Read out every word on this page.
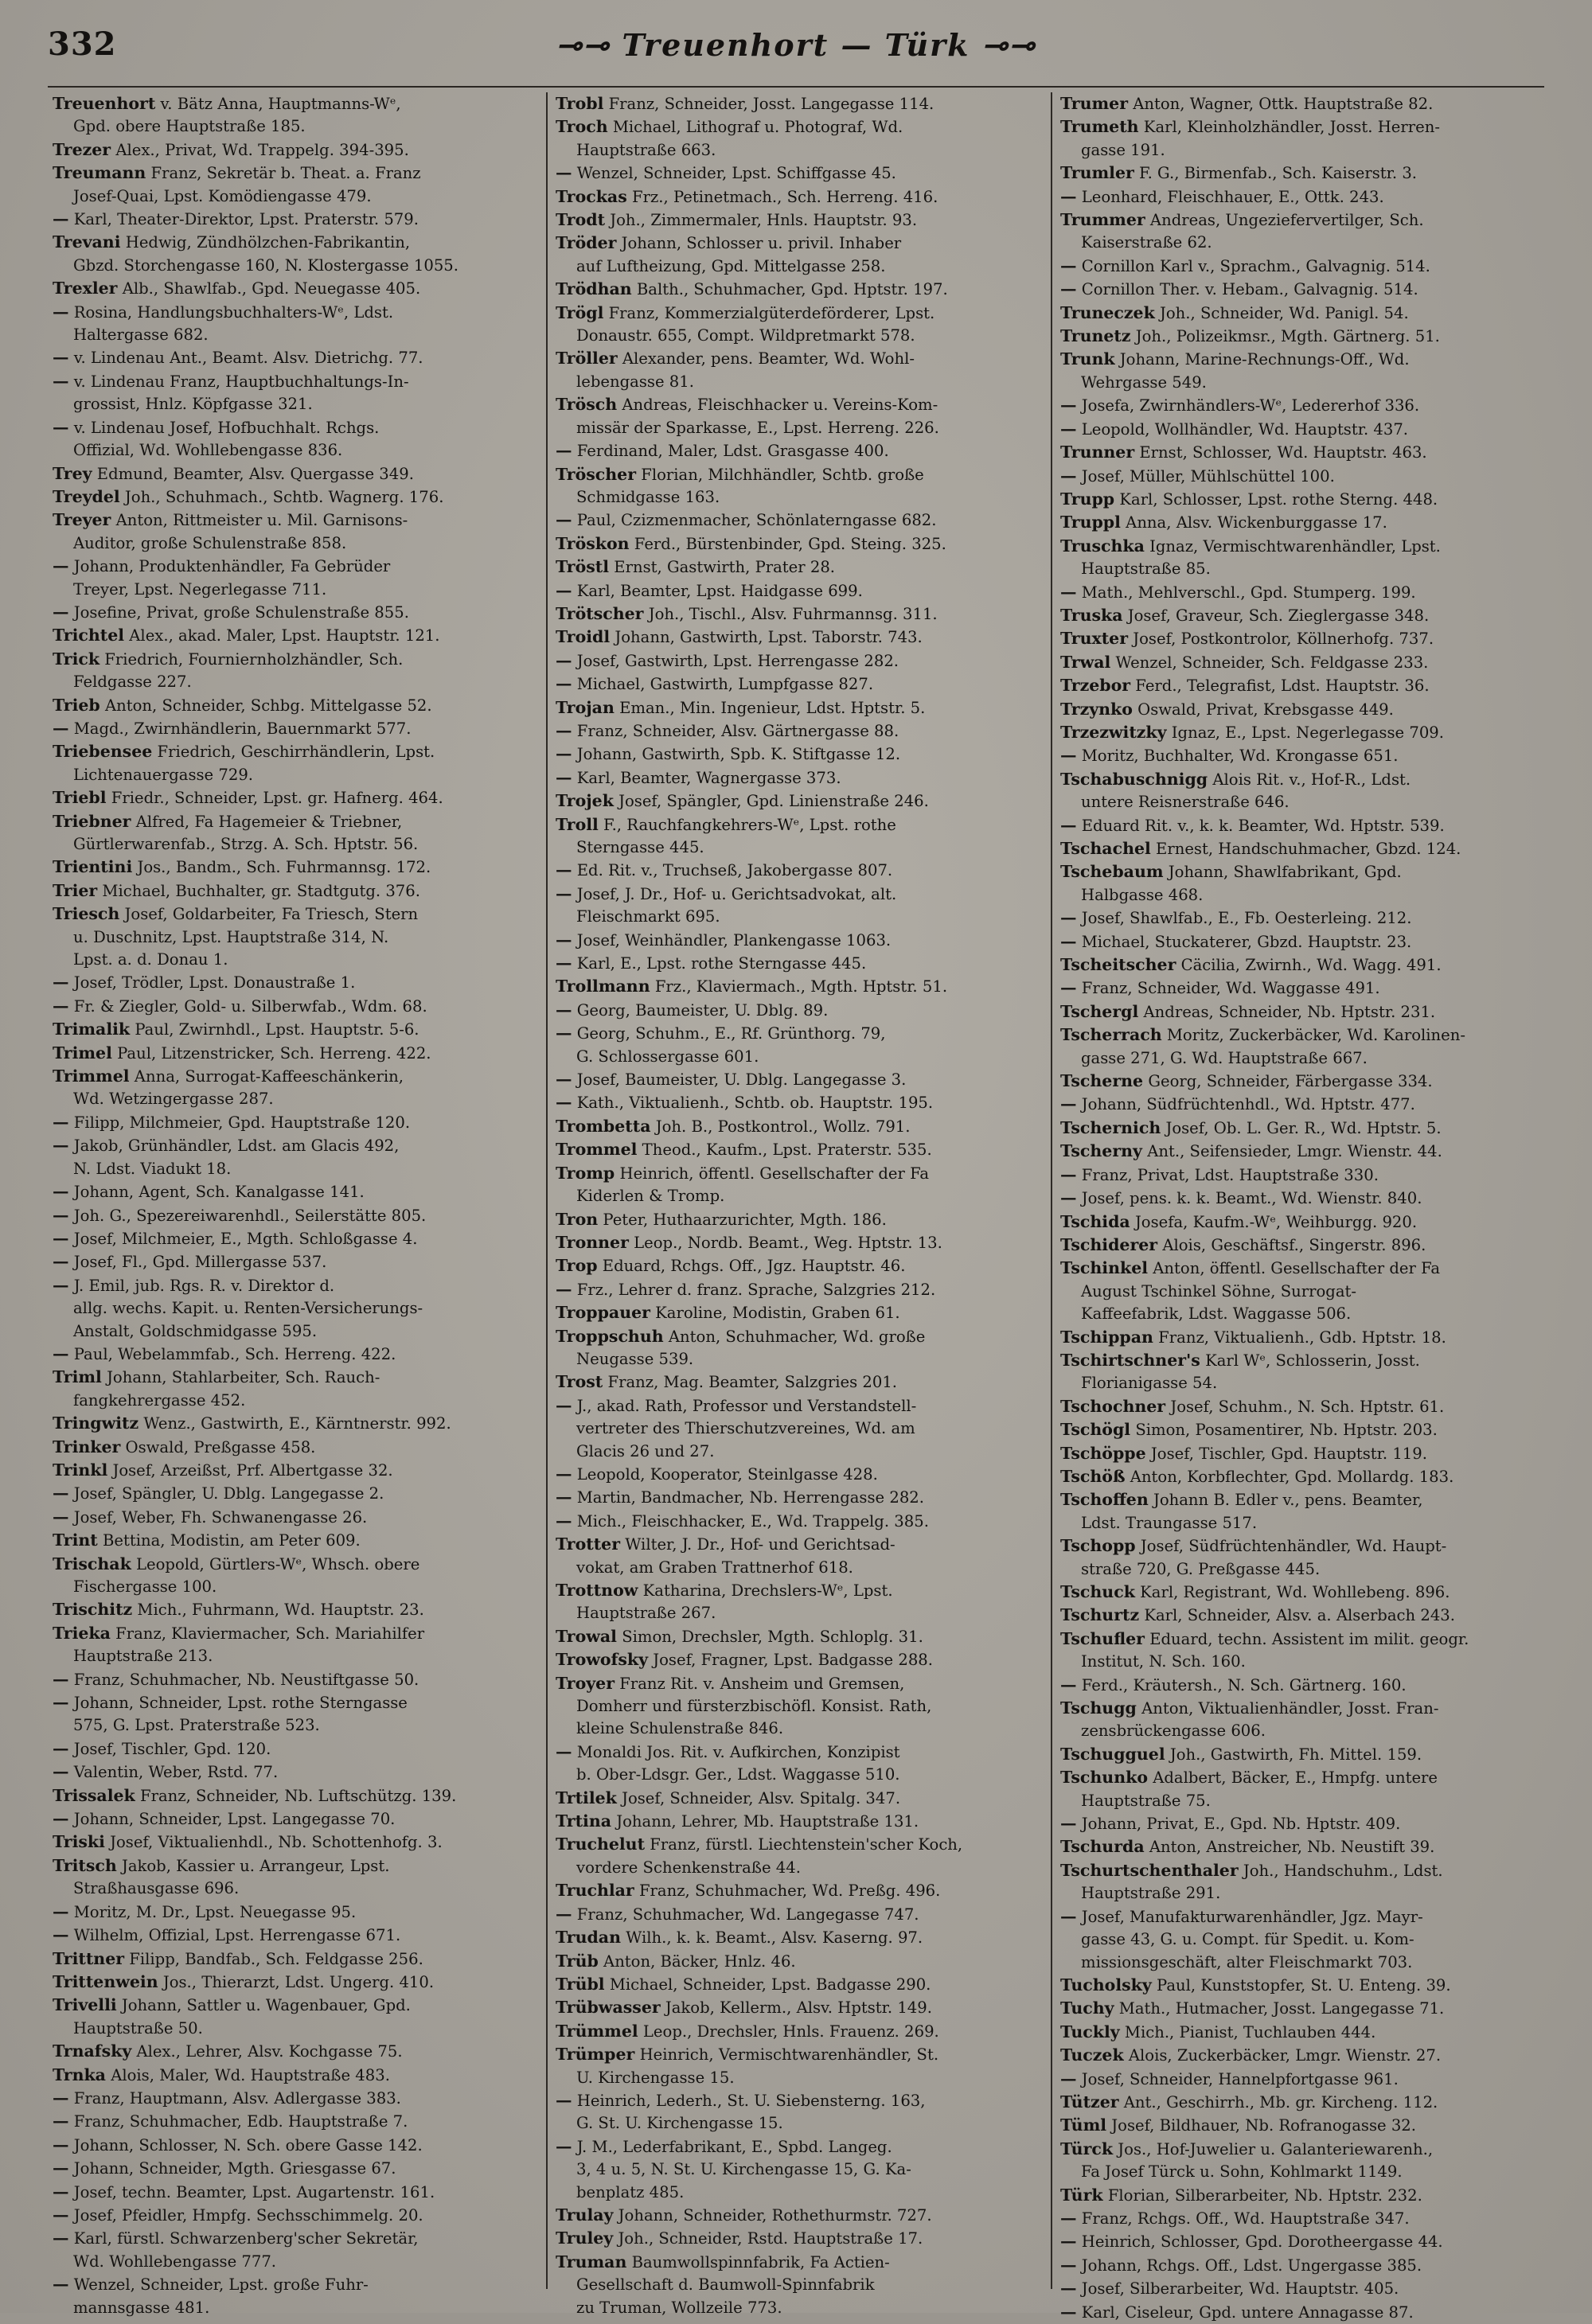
332	⊸⊸ Treuenhort — Türk ⊸⊸
Treuenhort v. Bätz Anna, Hauptmanns-Wᵉ,
Gpd. obere Hauptstraße 185.
Trezer Alex., Privat, Wd. Trappelg. 394-395.
Treumann Franz, Sekretär b. Theat. a. Franz
Josef-Quai, Lpst. Komödiengasse 479.
— Karl, Theater-Direktor, Lpst. Praterstr. 579.
Trevani Hedwig, Zündhölzchen-Fabrikantin,
Gbzd. Storchengasse 160, N. Klostergasse 1055.
Trexler Alb., Shawlfab., Gpd. Neuegasse 405.
— Rosina, Handlungsbuchhalters-Wᵉ, Ldst.
Haltergasse 682.
— v. Lindenau Ant., Beamt. Alsv. Dietrichg. 77.
— v. Lindenau Franz, Hauptbuchhaltungs-In-
grossist, Hnlz. Köpfgasse 321.
— v. Lindenau Josef, Hofbuchhalt. Rchgs.
Offizial, Wd. Wohllebengasse 836.
Trey Edmund, Beamter, Alsv. Quergasse 349.
Treydel Joh., Schuhmach., Schtb. Wagnerg. 176.
Treyer Anton, Rittmeister u. Mil. Garnisons-
Auditor, große Schulenstraße 858.
— Johann, Produktenhändler, Fa Gebrüder
Treyer, Lpst. Negerlegasse 711.
— Josefine, Privat, große Schulenstraße 855.
Trichtel Alex., akad. Maler, Lpst. Hauptstr. 121.
Trick Friedrich, Fourniernholzhändler, Sch.
Feldgasse 227.
Trieb Anton, Schneider, Schbg. Mittelgasse 52.
— Magd., Zwirnhändlerin, Bauernmarkt 577.
Triebensee Friedrich, Geschirrhändlerin, Lpst.
Lichtenauergasse 729.
Triebl Friedr., Schneider, Lpst. gr. Hafnerg. 464.
Triebner Alfred, Fa Hagemeier & Triebner,
Gürtlerwarenfab., Strzg. A. Sch. Hptstr. 56.
Trientini Jos., Bandm., Sch. Fuhrmannsg. 172.
Trier Michael, Buchhalter, gr. Stadtgutg. 376.
Triesch Josef, Goldarbeiter, Fa Triesch, Stern
u. Duschnitz, Lpst. Hauptstraße 314, N.
Lpst. a. d. Donau 1.
— Josef, Trödler, Lpst. Donaustraße 1.
— Fr. & Ziegler, Gold- u. Silberwfab., Wdm. 68.
Trimalik Paul, Zwirnhdl., Lpst. Hauptstr. 5-6.
Trimel Paul, Litzenstricker, Sch. Herreng. 422.
Trimmel Anna, Surrogat-Kaffeeschänkerin,
Wd. Wetzingergasse 287.
— Filipp, Milchmeier, Gpd. Hauptstraße 120.
— Jakob, Grünhändler, Ldst. am Glacis 492,
N. Ldst. Viadukt 18.
— Johann, Agent, Sch. Kanalgasse 141.
— Joh. G., Spezereiwarenhdl., Seilerstätte 805.
— Josef, Milchmeier, E., Mgth. Schloßgasse 4.
— Josef, Fl., Gpd. Millergasse 537.
— J. Emil, jub. Rgs. R. v. Direktor d.
allg. wechs. Kapit. u. Renten-Versicherungs-
Anstalt, Goldschmidgasse 595.
— Paul, Webelammfab., Sch. Herreng. 422.
Triml Johann, Stahlarbeiter, Sch. Rauch-
fangkehrergasse 452.
Tringwitz Wenz., Gastwirth, E., Kärntnerstr. 992.
Trinker Oswald, Preßgasse 458.
Trinkl Josef, Arzeißst, Prf. Albertgasse 32.
— Josef, Spängler, U. Dblg. Langegasse 2.
— Josef, Weber, Fh. Schwanengasse 26.
Trint Bettina, Modistin, am Peter 609.
Trischak Leopold, Gürtlers-Wᵉ, Whsch. obere
Fischergasse 100.
Trischitz Mich., Fuhrmann, Wd. Hauptstr. 23.
Trieka Franz, Klaviermacher, Sch. Mariahilfer
Hauptstraße 213.
— Franz, Schuhmacher, Nb. Neustiftgasse 50.
— Johann, Schneider, Lpst. rothe Sterngasse
575, G. Lpst. Praterstraße 523.
— Josef, Tischler, Gpd. 120.
— Valentin, Weber, Rstd. 77.
Trissalek Franz, Schneider, Nb. Luftschützg. 139.
— Johann, Schneider, Lpst. Langegasse 70.
Triski Josef, Viktualienhdl., Nb. Schottenhofg. 3.
Tritsch Jakob, Kassier u. Arrangeur, Lpst.
Straßhausgasse 696.
— Moritz, M. Dr., Lpst. Neuegasse 95.
— Wilhelm, Offizial, Lpst. Herrengasse 671.
Trittner Filipp, Bandfab., Sch. Feldgasse 256.
Trittenwein Jos., Thierarzt, Ldst. Ungerg. 410.
Trivelli Johann, Sattler u. Wagenbauer, Gpd.
Hauptstraße 50.
Trnafsky Alex., Lehrer, Alsv. Kochgasse 75.
Trnka Alois, Maler, Wd. Hauptstraße 483.
— Franz, Hauptmann, Alsv. Adlergasse 383.
— Franz, Schuhmacher, Edb. Hauptstraße 7.
— Johann, Schlosser, N. Sch. obere Gasse 142.
— Johann, Schneider, Mgth. Griesgasse 67.
— Josef, techn. Beamter, Lpst. Augartenstr. 161.
— Josef, Pfeidler, Hmpfg. Sechsschimmelg. 20.
— Karl, fürstl. Schwarzenberg'scher Sekretär,
Wd. Wohllebengasse 777.
— Wenzel, Schneider, Lpst. große Fuhr-
mannsgasse 481.
Trobl Franz, Schneider, Josst. Langegasse 114.
Troch Michael, Lithograf u. Photograf, Wd.
Hauptstraße 663.
— Wenzel, Schneider, Lpst. Schiffgasse 45.
Trockas Frz., Petinetmach., Sch. Herreng. 416.
Trodt Joh., Zimmermaler, Hnls. Hauptstr. 93.
Tröder Johann, Schlosser u. privil. Inhaber
auf Luftheizung, Gpd. Mittelgasse 258.
Trödhan Balth., Schuhmacher, Gpd. Hptstr. 197.
Trögl Franz, Kommerzialgüterdeförderer, Lpst.
Donaustr. 655, Compt. Wildpretmarkt 578.
Tröller Alexander, pens. Beamter, Wd. Wohl-
lebengasse 81.
Trösch Andreas, Fleischhacker u. Vereins-Kom-
missär der Sparkasse, E., Lpst. Herreng. 226.
— Ferdinand, Maler, Ldst. Grasgasse 400.
Tröscher Florian, Milchhändler, Schtb. große
Schmidgasse 163.
— Paul, Czizmenmacher, Schönlaterngasse 682.
Tröskon Ferd., Bürstenbinder, Gpd. Steing. 325.
Tröstl Ernst, Gastwirth, Prater 28.
— Karl, Beamter, Lpst. Haidgasse 699.
Trötscher Joh., Tischl., Alsv. Fuhrmannsg. 311.
Troidl Johann, Gastwirth, Lpst. Taborstr. 743.
— Josef, Gastwirth, Lpst. Herrengasse 282.
— Michael, Gastwirth, Lumpfgasse 827.
Trojan Eman., Min. Ingenieur, Ldst. Hptstr. 5.
— Franz, Schneider, Alsv. Gärtnergasse 88.
— Johann, Gastwirth, Spb. K. Stiftgasse 12.
— Karl, Beamter, Wagnergasse 373.
Trojek Josef, Spängler, Gpd. Linienstraße 246.
Troll F., Rauchfangkehrers-Wᵉ, Lpst. rothe
Sterngasse 445.
— Ed. Rit. v., Truchseß, Jakobergasse 807.
— Josef, J. Dr., Hof- u. Gerichtsadvokat, alt.
Fleischmarkt 695.
— Josef, Weinhändler, Plankengasse 1063.
— Karl, E., Lpst. rothe Sterngasse 445.
Trollmann Frz., Klaviermach., Mgth. Hptstr. 51.
— Georg, Baumeister, U. Dblg. 89.
— Georg, Schuhm., E., Rf. Grünthorg. 79,
G. Schlossergasse 601.
— Josef, Baumeister, U. Dblg. Langegasse 3.
— Kath., Viktualienh., Schtb. ob. Hauptstr. 195.
Trombetta Joh. B., Postkontrol., Wollz. 791.
Trommel Theod., Kaufm., Lpst. Praterstr. 535.
Tromp Heinrich, öffentl. Gesellschafter der Fa
Kiderlen & Tromp.
Tron Peter, Huthaarzurichter, Mgth. 186.
Tronner Leop., Nordb. Beamt., Weg. Hptstr. 13.
Trop Eduard, Rchgs. Off., Jgz. Hauptstr. 46.
— Frz., Lehrer d. franz. Sprache, Salzgries 212.
Troppauer Karoline, Modistin, Graben 61.
Troppschuh Anton, Schuhmacher, Wd. große
Neugasse 539.
Trost Franz, Mag. Beamter, Salzgries 201.
— J., akad. Rath, Professor und Verstandstell-
vertreter des Thierschutzvereines, Wd. am
Glacis 26 und 27.
— Leopold, Kooperator, Steinlgasse 428.
— Martin, Bandmacher, Nb. Herrengasse 282.
— Mich., Fleischhacker, E., Wd. Trappelg. 385.
Trotter Wilter, J. Dr., Hof- und Gerichtsad-
vokat, am Graben Trattnerhof 618.
Trottnow Katharina, Drechslers-Wᵉ, Lpst.
Hauptstraße 267.
Trowal Simon, Drechsler, Mgth. Schloplg. 31.
Trowofsky Josef, Fragner, Lpst. Badgasse 288.
Troyer Franz Rit. v. Ansheim und Gremsen,
Domherr und fürsterzbischöfl. Konsist. Rath,
kleine Schulenstraße 846.
— Monaldi Jos. Rit. v. Aufkirchen, Konzipist
b. Ober-Ldsgr. Ger., Ldst. Waggasse 510.
Trtilek Josef, Schneider, Alsv. Spitalg. 347.
Trtina Johann, Lehrer, Mb. Hauptstraße 131.
Truchelut Franz, fürstl. Liechtenstein'scher Koch,
vordere Schenkenstraße 44.
Truchlar Franz, Schuhmacher, Wd. Preßg. 496.
— Franz, Schuhmacher, Wd. Langegasse 747.
Trudan Wilh., k. k. Beamt., Alsv. Kaserng. 97.
Trüb Anton, Bäcker, Hnlz. 46.
Trübl Michael, Schneider, Lpst. Badgasse 290.
Trübwasser Jakob, Kellerm., Alsv. Hptstr. 149.
Trümmel Leop., Drechsler, Hnls. Frauenz. 269.
Trümper Heinrich, Vermischtwarenhändler, St.
U. Kirchengasse 15.
— Heinrich, Lederh., St. U. Siebensterng. 163,
G. St. U. Kirchengasse 15.
— J. M., Lederfabrikant, E., Spbd. Langeg.
3, 4 u. 5, N. St. U. Kirchengasse 15, G. Ka-
benplatz 485.
Trulay Johann, Schneider, Rothethurmstr. 727.
Truley Joh., Schneider, Rstd. Hauptstraße 17.
Truman Baumwollspinnfabrik, Fa Actien-
Gesellschaft d. Baumwoll-Spinnfabrik
zu Truman, Wollzeile 773.
Trumer Anton, Wagner, Ottk. Hauptstraße 82.
Trumeth Karl, Kleinholzhändler, Josst. Herren-
gasse 191.
Trumler F. G., Birmenfab., Sch. Kaiserstr. 3.
— Leonhard, Fleischhauer, E., Ottk. 243.
Trummer Andreas, Ungeziefervertilger, Sch.
Kaiserstraße 62.
— Cornillon Karl v., Sprachm., Galvagnig. 514.
— Cornillon Ther. v. Hebam., Galvagnig. 514.
Truneczek Joh., Schneider, Wd. Panigl. 54.
Trunetz Joh., Polizeikmsr., Mgth. Gärtnerg. 51.
Trunk Johann, Marine-Rechnungs-Off., Wd.
Wehrgasse 549.
— Josefa, Zwirnhändlers-Wᵉ, Ledererhof 336.
— Leopold, Wollhändler, Wd. Hauptstr. 437.
Trunner Ernst, Schlosser, Wd. Hauptstr. 463.
— Josef, Müller, Mühlschüttel 100.
Trupp Karl, Schlosser, Lpst. rothe Sterng. 448.
Truppl Anna, Alsv. Wickenburggasse 17.
Truschka Ignaz, Vermischtwarenhändler, Lpst.
Hauptstraße 85.
— Math., Mehlverschl., Gpd. Stumperg. 199.
Truska Josef, Graveur, Sch. Zieglergasse 348.
Truxter Josef, Postkontrolor, Köllnerhofg. 737.
Trwal Wenzel, Schneider, Sch. Feldgasse 233.
Trzebor Ferd., Telegrafist, Ldst. Hauptstr. 36.
Trzynko Oswald, Privat, Krebsgasse 449.
Trzezwitzky Ignaz, E., Lpst. Negerlegasse 709.
— Moritz, Buchhalter, Wd. Krongasse 651.
Tschabuschnigg Alois Rit. v., Hof-R., Ldst.
untere Reisnerstraße 646.
— Eduard Rit. v., k. k. Beamter, Wd. Hptstr. 539.
Tschachel Ernest, Handschuhmacher, Gbzd. 124.
Tschebaum Johann, Shawlfabrikant, Gpd.
Halbgasse 468.
— Josef, Shawlfab., E., Fb. Oesterleing. 212.
— Michael, Stuckaterer, Gbzd. Hauptstr. 23.
Tscheitscher Cäcilia, Zwirnh., Wd. Wagg. 491.
— Franz, Schneider, Wd. Waggasse 491.
Tschergl Andreas, Schneider, Nb. Hptstr. 231.
Tscherrach Moritz, Zuckerbäcker, Wd. Karolinen-
gasse 271, G. Wd. Hauptstraße 667.
Tscherne Georg, Schneider, Färbergasse 334.
— Johann, Südfrüchtenhdl., Wd. Hptstr. 477.
Tschernich Josef, Ob. L. Ger. R., Wd. Hptstr. 5.
Tscherny Ant., Seifensieder, Lmgr. Wienstr. 44.
— Franz, Privat, Ldst. Hauptstraße 330.
— Josef, pens. k. k. Beamt., Wd. Wienstr. 840.
Tschida Josefa, Kaufm.-Wᵉ, Weihburgg. 920.
Tschiderer Alois, Geschäftsf., Singerstr. 896.
Tschinkel Anton, öffentl. Gesellschafter der Fa
August Tschinkel Söhne, Surrogat-
Kaffeefabrik, Ldst. Waggasse 506.
Tschippan Franz, Viktualienh., Gdb. Hptstr. 18.
Tschirtschner's Karl Wᵉ, Schlosserin, Josst.
Florianigasse 54.
Tschochner Josef, Schuhm., N. Sch. Hptstr. 61.
Tschögl Simon, Posamentirer, Nb. Hptstr. 203.
Tschöppe Josef, Tischler, Gpd. Hauptstr. 119.
Tschöß Anton, Korbflechter, Gpd. Mollardg. 183.
Tschoffen Johann B. Edler v., pens. Beamter,
Ldst. Traungasse 517.
Tschopp Josef, Südfrüchtenhändler, Wd. Haupt-
straße 720, G. Preßgasse 445.
Tschuck Karl, Registrant, Wd. Wohllebeng. 896.
Tschurtz Karl, Schneider, Alsv. a. Alserbach 243.
Tschufler Eduard, techn. Assistent im milit. geogr.
Institut, N. Sch. 160.
— Ferd., Kräutersh., N. Sch. Gärtnerg. 160.
Tschugg Anton, Viktualienhändler, Josst. Fran-
zensbrückengasse 606.
Tschugguel Joh., Gastwirth, Fh. Mittel. 159.
Tschunko Adalbert, Bäcker, E., Hmpfg. untere
Hauptstraße 75.
— Johann, Privat, E., Gpd. Nb. Hptstr. 409.
Tschurda Anton, Anstreicher, Nb. Neustift 39.
Tschurtschenthaler Joh., Handschuhm., Ldst.
Hauptstraße 291.
— Josef, Manufakturwarenhändler, Jgz. Mayr-
gasse 43, G. u. Compt. für Spedit. u. Kom-
missionsgeschäft, alter Fleischmarkt 703.
Tucholsky Paul, Kunststopfer, St. U. Enteng. 39.
Tuchy Math., Hutmacher, Josst. Langegasse 71.
Tuckly Mich., Pianist, Tuchlauben 444.
Tuczek Alois, Zuckerbäcker, Lmgr. Wienstr. 27.
— Josef, Schneider, Hannelpfortgasse 961.
Tützer Ant., Geschirrh., Mb. gr. Kircheng. 112.
Tüml Josef, Bildhauer, Nb. Rofranogasse 32.
Türck Jos., Hof-Juwelier u. Galanteriewarenh.,
Fa Josef Türck u. Sohn, Kohlmarkt 1149.
Türk Florian, Silberarbeiter, Nb. Hptstr. 232.
— Franz, Rchgs. Off., Wd. Hauptstraße 347.
— Heinrich, Schlosser, Gpd. Dorotheergasse 44.
— Johann, Rchgs. Off., Ldst. Ungergasse 385.
— Josef, Silberarbeiter, Wd. Hauptstr. 405.
— Karl, Ciseleur, Gpd. untere Annagasse 87.
